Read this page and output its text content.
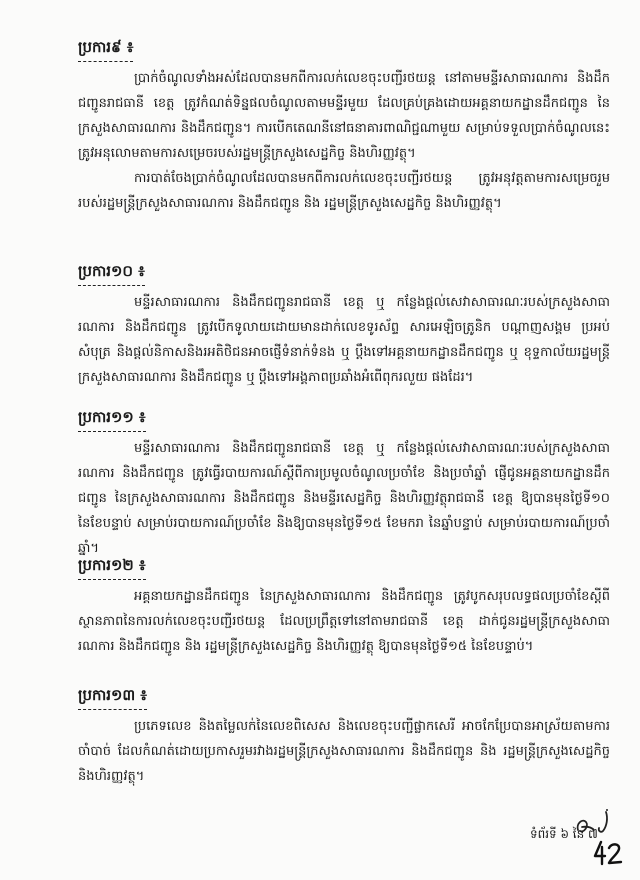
ប្រការ៩ ៖

ប្រាក់ចំណូលទាំងអស់ដែលបានមកពីការលក់លេខចុះបញ្ជីរថយន្ត នៅតាមមន្ទីរសាធារណការ និងដឹកជញ្ជូនរាជធានី ខេត្ត ត្រូវកំណត់ទិន្នផលចំណូលតាមមន្ទីរមួយ ដែលគ្រប់គ្រងដោយអគ្គនាយកដ្ឋានដឹកជញ្ជូន នៃក្រសួងសាធារណការ និងដឹកជញ្ជូន។ ការបើកតេណនីនៅធនាគារពាណិជ្ជណាមួយ សម្រាប់ទទួលប្រាក់ចំណូលនេះ ត្រូវអនុលោមតាមការសម្រេចរបស់រដ្ឋមន្ត្រីក្រសួងសេដ្ឋកិច្ច និងហិរញ្ញវត្ថុ។

ការបាត់ចែងប្រាក់ចំណូលដែលបានមកពីការលក់លេខចុះបញ្ជីរថយន្ត ត្រូវអនុវត្តតាមការសម្រេចរួមរបស់រដ្ឋមន្ត្រីក្រសួងសាធារណការ និងដឹកជញ្ជូន និង រដ្ឋមន្ត្រីក្រសួងសេដ្ឋកិច្ច និងហិរញ្ញវត្ថុ។

ប្រការ១០ ៖

មន្ទីរសាធារណការ និងដឹកជញ្ជូនរាជធានី ខេត្ត ឬ កន្លែងផ្តល់សេវាសាធារណៈរបស់ក្រសួងសាធារណការ និងដឹកជញ្ជូន ត្រូវបើកទូលាយដោយមានដាក់លេខទូរស័ព្ទ សារអេឡិចត្រូនិក បណ្តាញសង្គម ប្រអប់សំបុត្រ និងផ្តល់និកាសនិងរអតិថិជនអាចផ្ញើទំនាក់ទំនង ឬ ប្តឹងទៅអគ្គនាយកដ្ឋានដឹកជញ្ជូន ឬ ខុទ្ទកាល័យរដ្ឋមន្ត្រីក្រសួងសាធារណការ និងដឹកជញ្ជូន ឬ ប្តឹងទៅអង្គភាពប្រឆាំងអំពើពុករលួយ ផងដែរ។

ប្រការ១១ ៖

មន្ទីរសាធារណការ និងដឹកជញ្ជូនរាជធានី ខេត្ត ឬ កន្លែងផ្តល់សេវាសាធារណៈរបស់ក្រសួងសាធារណការ និងដឹកជញ្ជូន ត្រូវធ្វើរបាយការណ៍ស្តីពីការប្រមូលចំណូលប្រចាំខែ និងប្រចាំឆ្នាំ ផ្ញើជូនអគ្គនាយកដ្ឋានដឹកជញ្ជូន នៃក្រសួងសាធារណការ និងដឹកជញ្ជូន និងមន្ទីរសេដ្ឋកិច្ច និងហិរញ្ញវត្ថុរាជធានី ខេត្ត ឱ្យបានមុនថ្ងៃទី១០ នៃខែបន្ទាប់ សម្រាប់របាយការណ៍ប្រចាំខែ និងឱ្យបានមុនថ្ងៃទី១៥ ខែមករា នៃឆ្នាំបន្ទាប់ សម្រាប់របាយការណ៍ប្រចាំឆ្នាំ។

ប្រការ១២ ៖

អគ្គនាយកដ្ឋានដឹកជញ្ជូន នៃក្រសួងសាធារណការ និងដឹកជញ្ជូន ត្រូវបូកសរុបលទ្ធផលប្រចាំខែស្តីពីស្ថានភាពនៃការលក់លេខចុះបញ្ជីរថយន្ត ដែលប្រព្រឹត្តទៅនៅតាមរាជធានី ខេត្ត ដាក់ជូនរដ្ឋមន្ត្រីក្រសួងសាធារណការ និងដឹកជញ្ជូន និង រដ្ឋមន្ត្រីក្រសួងសេដ្ឋកិច្ច និងហិរញ្ញវត្ថុ ឱ្យបានមុនថ្ងៃទី១៥ នៃខែបន្ទាប់។

ប្រការ១៣ ៖

ប្រភេទលេខ និងតម្លៃលក់នៃលេខពិសេស និងលេខចុះបញ្ជីផ្លាកសេរី អាចកែប្រែបានអាស្រ័យតាមការចាំបាច់ ដែលកំណត់ដោយប្រកាសរួមរវាងរដ្ឋមន្ត្រីក្រសួងសាធារណការ និងដឹកជញ្ជូន និង រដ្ឋមន្ត្រីក្រសួងសេដ្ឋកិច្ច និងហិរញ្ញវត្ថុ។

ទំព័រទី ៦ នៃ ៧
